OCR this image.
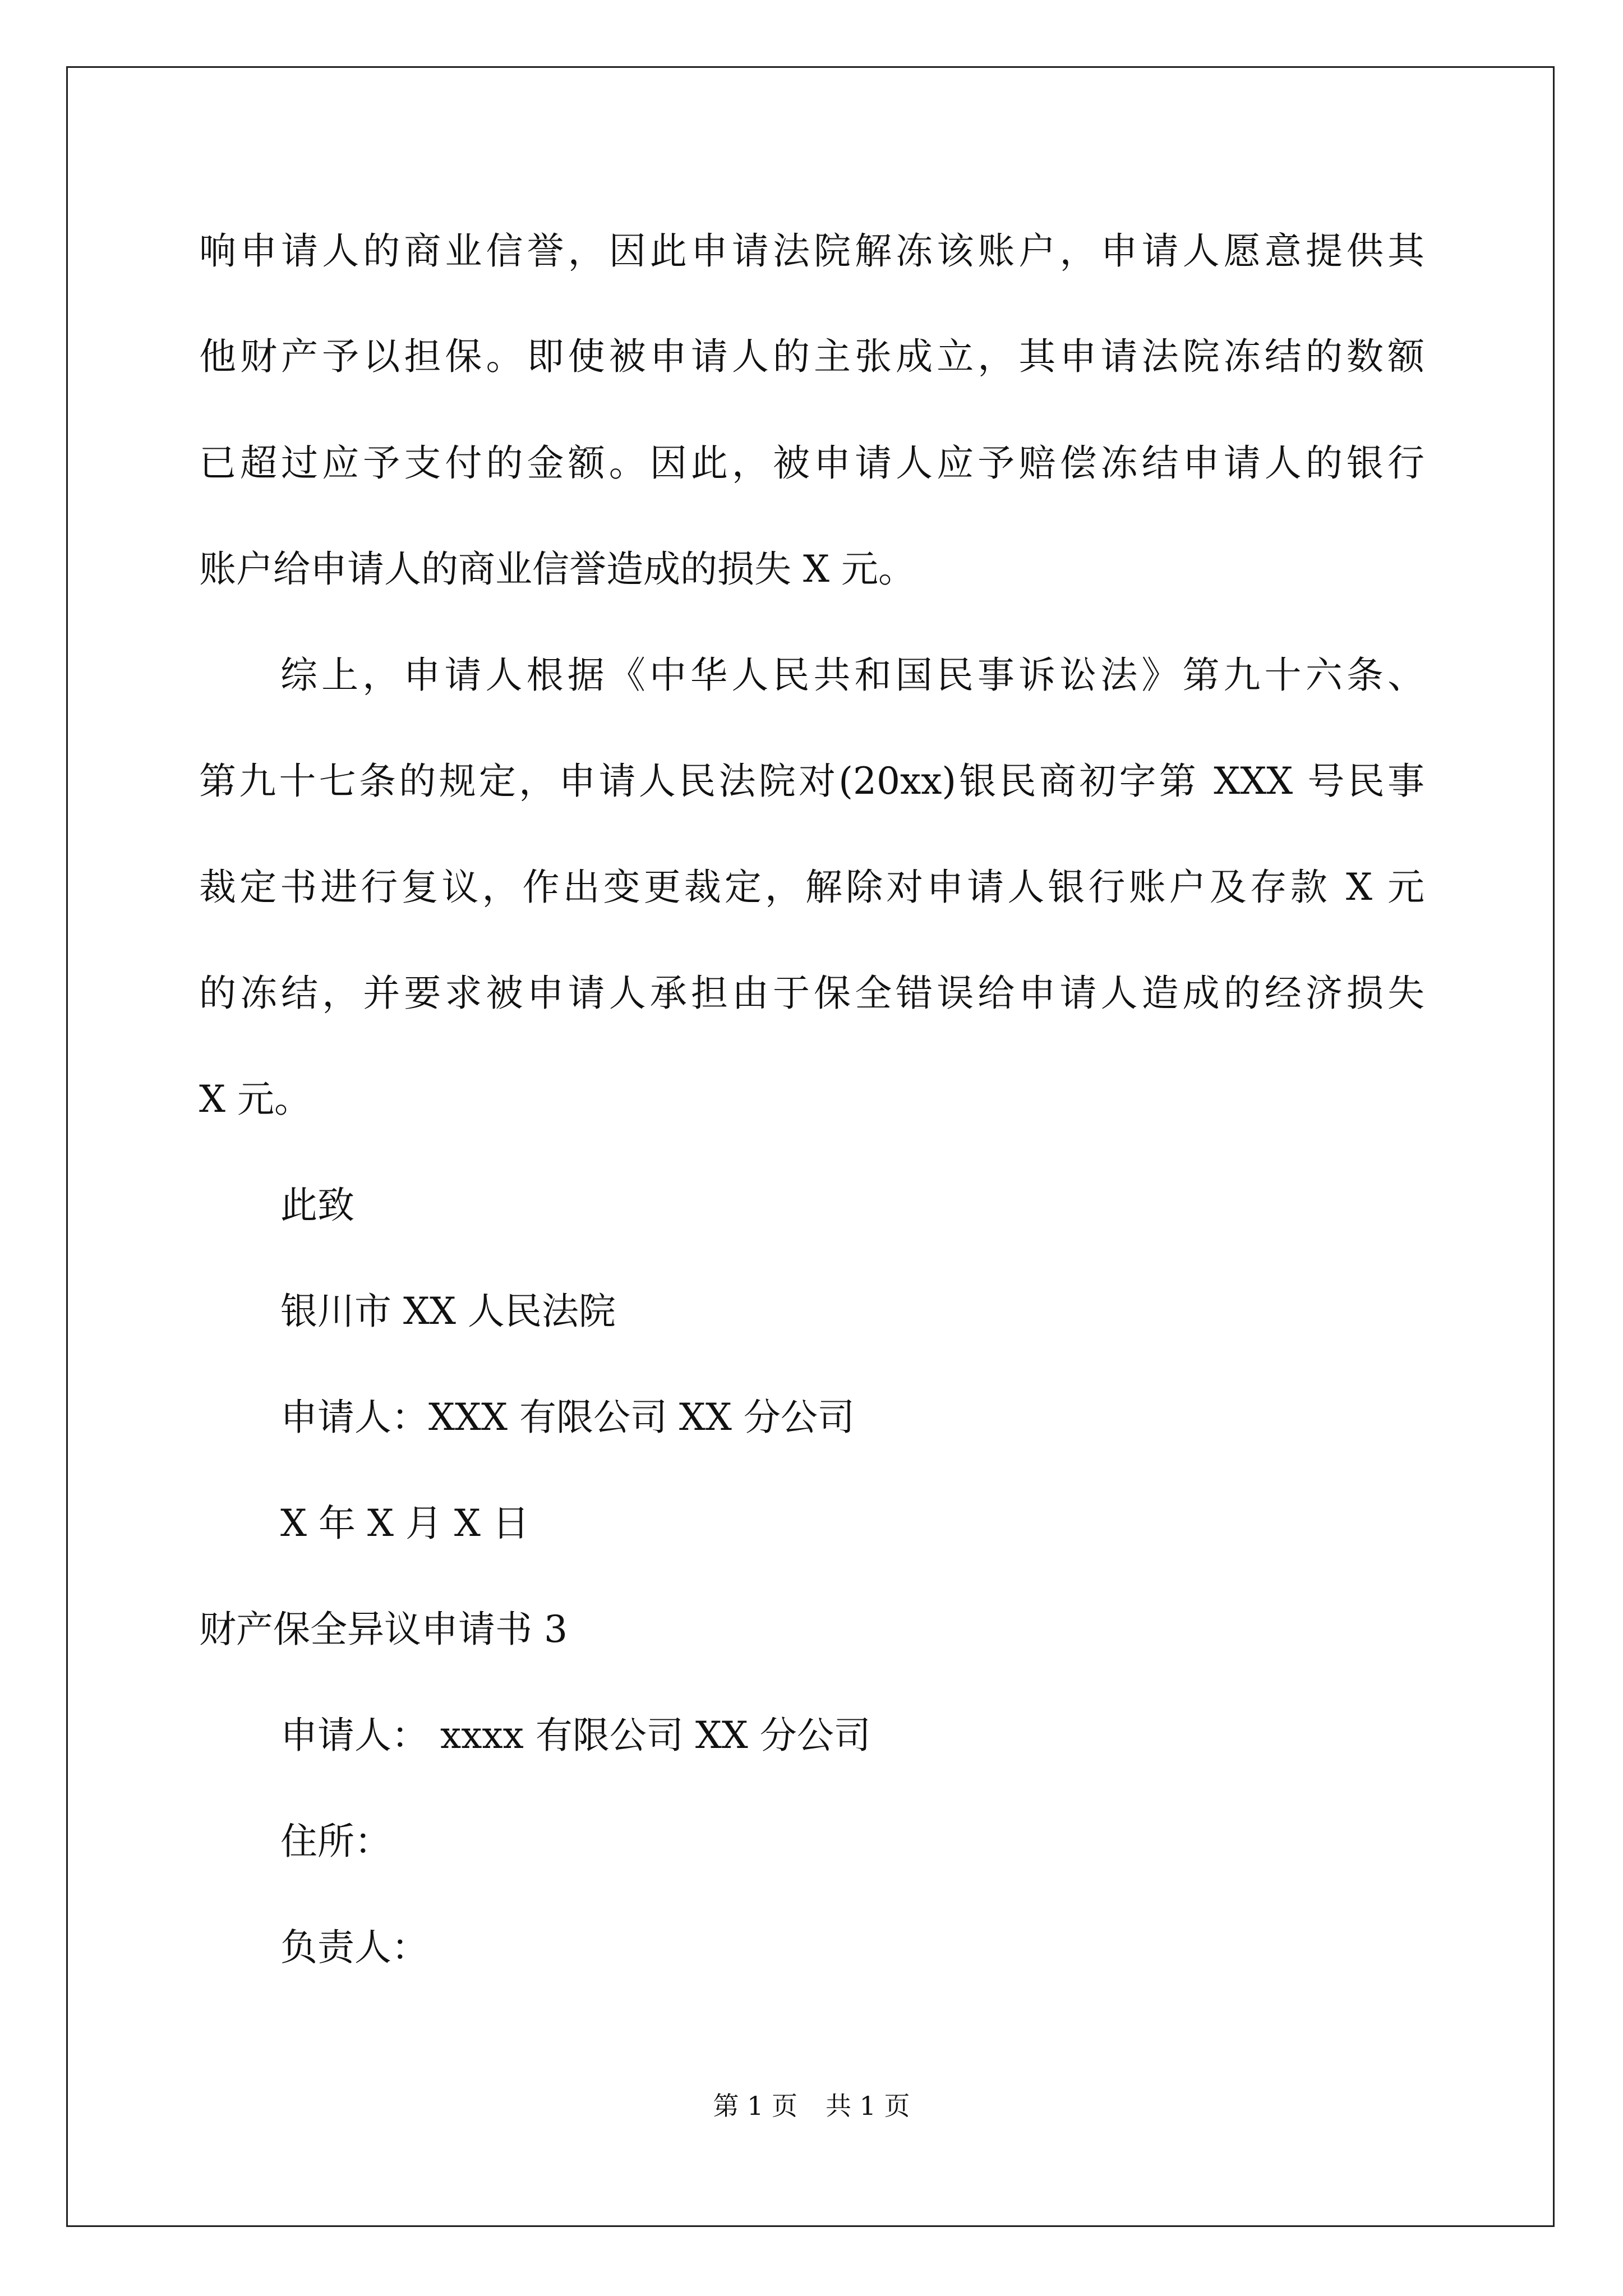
响申请人的商业信誉，因此申请法院解冻该账户，申请人愿意提供其

他财产予以担保。即使被申请人的主张成立，其申请法院冻结的数额

已超过应予支付的金额。因此，被申请人应予赔偿冻结申请人的银行

账户给申请人的商业信誉造成的损失 X 元。

综上，申请人根据《中华人民共和国民事诉讼法》第九十六条、

第九十七条的规定，申请人民法院对(20xx)银民商初字第 XXX 号民事

裁定书进行复议，作出变更裁定，解除对申请人银行账户及存款 X 元

的冻结，并要求被申请人承担由于保全错误给申请人造成的经济损失

X 元。

此致

银川市 XX 人民法院

申请人：XXX 有限公司 XX 分公司

X 年 X 月 X 日

财产保全异议申请书 3

申请人： xxxx 有限公司 XX 分公司

住所：

负责人：

第 1 页 共 1 页
